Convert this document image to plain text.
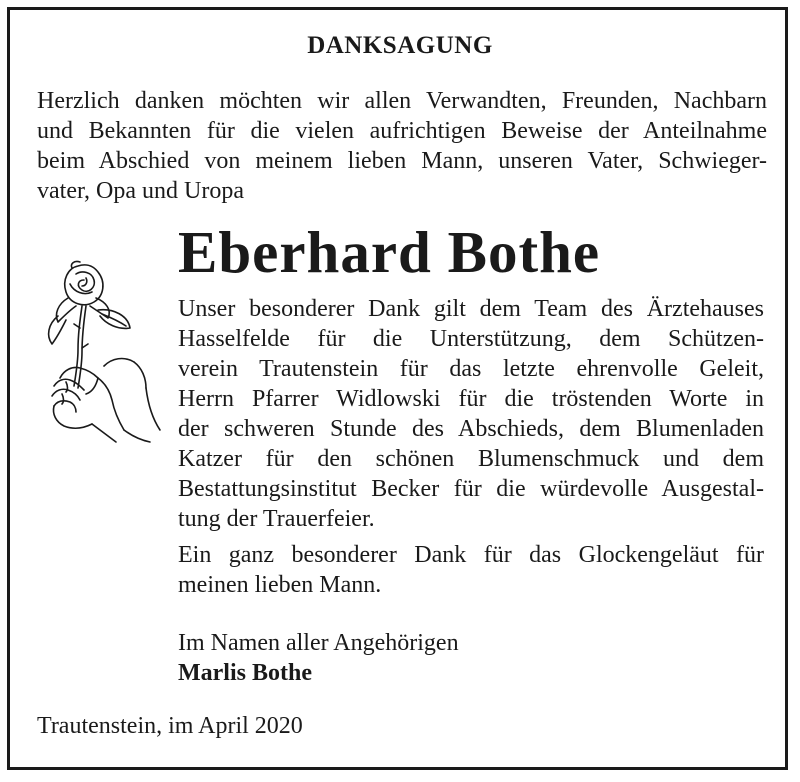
DANKSAGUNG
Herzlich danken möchten wir allen Verwandten, Freunden, Nachbarn
und Bekannten für die vielen aufrichtigen Beweise der Anteilnahme
beim Abschied von meinem lieben Mann, unseren Vater, Schwieger-
vater, Opa und Uropa
Eberhard Bothe
Unser besonderer Dank gilt dem Team des Ärztehauses
Hasselfelde für die Unterstützung, dem Schützen-
verein Trautenstein für das letzte ehrenvolle Geleit,
Herrn Pfarrer Widlowski für die tröstenden Worte in
der schweren Stunde des Abschieds, dem Blumenladen
Katzer für den schönen Blumenschmuck und dem
Bestattungsinstitut Becker für die würdevolle Ausgestal-
tung der Trauerfeier.
Ein ganz besonderer Dank für das Glockengeläut für
meinen lieben Mann.
Im Namen aller Angehörigen
Marlis Bothe
Trautenstein, im April 2020
